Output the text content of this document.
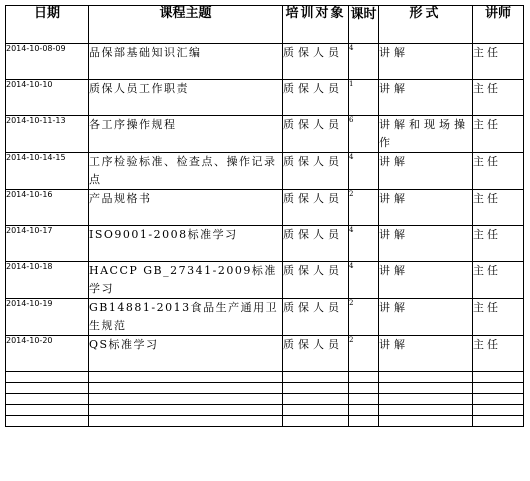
日期	课程主题	培训对象	课时	形式	讲师
2014-10-08-09	品保部基础知识汇编	质保人员	4	讲解	主任
2014-10-10	质保人员工作职责	质保人员	1	讲解	主任
2014-10-11-13	各工序操作规程	质保人员	6	讲解和现场操作	主任
2014-10-14-15	工序检验标准、检查点、操作记录点	质保人员	4	讲解	主任
2014-10-16	产品规格书	质保人员	2	讲解	主任
2014-10-17	ISO9001-2008标准学习	质保人员	4	讲解	主任
2014-10-18	HACCP GB_27341-2009标准学习	质保人员	4	讲解	主任
2014-10-19	GB14881-2013食品生产通用卫生规范	质保人员	2	讲解	主任
2014-10-20	QS标准学习	质保人员	2	讲解	主任
